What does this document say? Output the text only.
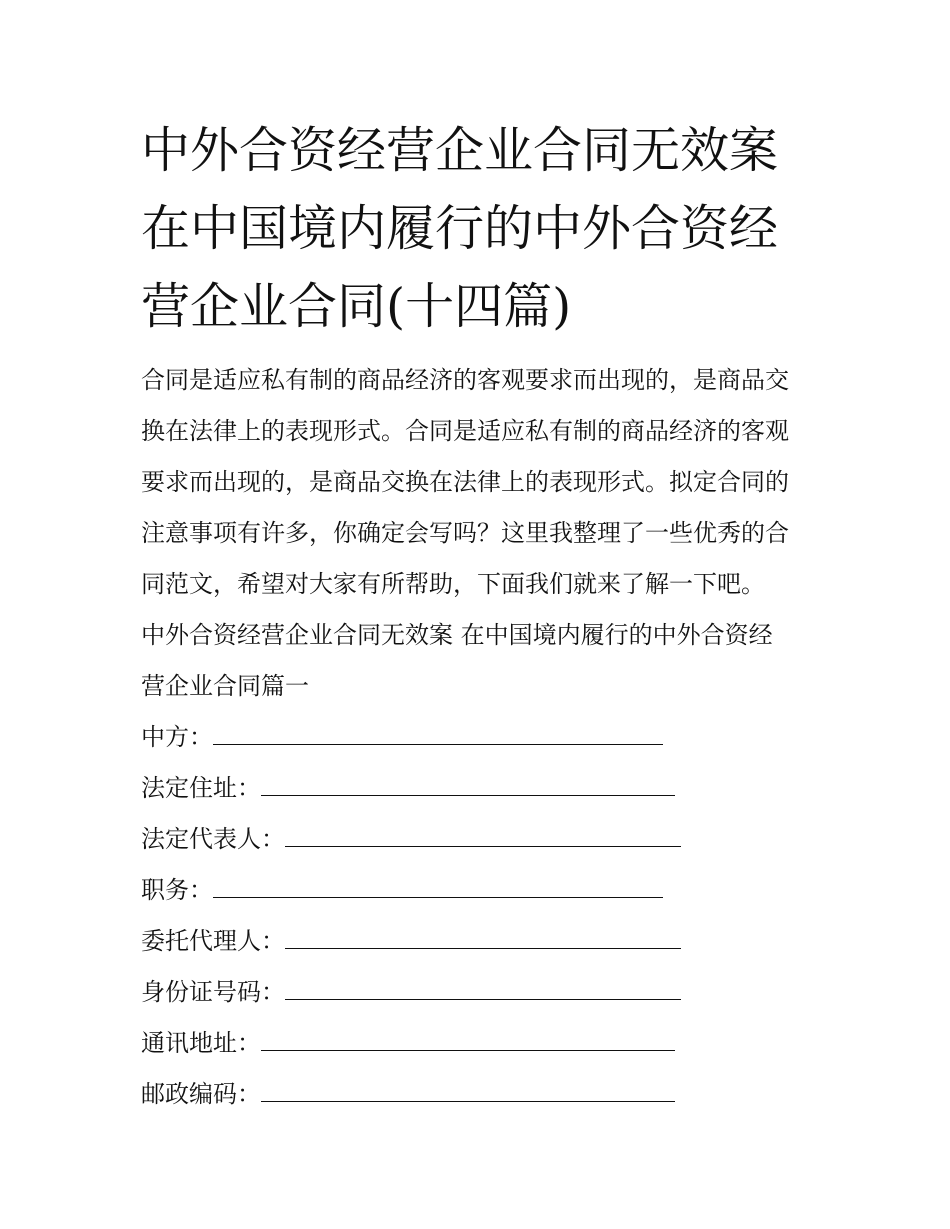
中外合资经营企业合同无效案
在中国境内履行的中外合资经
营企业合同(十四篇)
合同是适应私有制的商品经济的客观要求而出现的，是商品交
换在法律上的表现形式。合同是适应私有制的商品经济的客观
要求而出现的，是商品交换在法律上的表现形式。拟定合同的
注意事项有许多，你确定会写吗？这里我整理了一些优秀的合
同范文，希望对大家有所帮助，下面我们就来了解一下吧。
中外合资经营企业合同无效案 在中国境内履行的中外合资经
营企业合同篇一
中方：
法定住址：
法定代表人：
职务：
委托代理人：
身份证号码：
通讯地址：
邮政编码：
